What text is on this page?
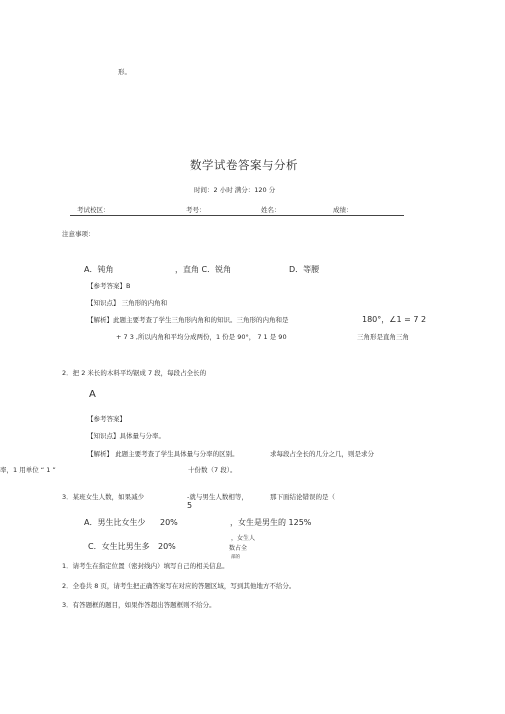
形。
数学试卷答案与分析
时间：2 小时 满分：120 分
考试校区：	考号：	姓名：	成绩：
注意事项：
A．钝角	，直角 C．锐角	D．等腰
【参考答案】B
【知识点】 三角形的内角和
【解析】此题主要考查了学生三角形内角和的知识。三角形的内角和是	180°，∠1 = 7 2
+ 7 3 ,所以内角和平均分成两份，1 份是 90°， 7 1 是 90	三角形是直角三角
2．把 2 米长的木料平均锯成 7 段，每段占全长的
A
【参考答案】
【知识点】具体量与分率。
【解析】 此题主要考查了学生具体量与分率的区别。	求每段占全长的几分之几，则是求分
率，1 用单位 “ 1 ”	十份数（7 段）。
3．某班女生人数，如果减少	-就与男生人数相等，
5
那下面结论错误的是（
A．男生比女生少 20%	，女生是男生的 125%
，女生人
C．女生比男生多 20%	数占全
部的
1．请考生在指定位置（密封线内）填写自己的相关信息。
2．全卷共 8 页，请考生把正确答案写在对应的答题区域，写到其他地方不给分。
3．有答题框的题目，如果作答超出答题框则不给分。
